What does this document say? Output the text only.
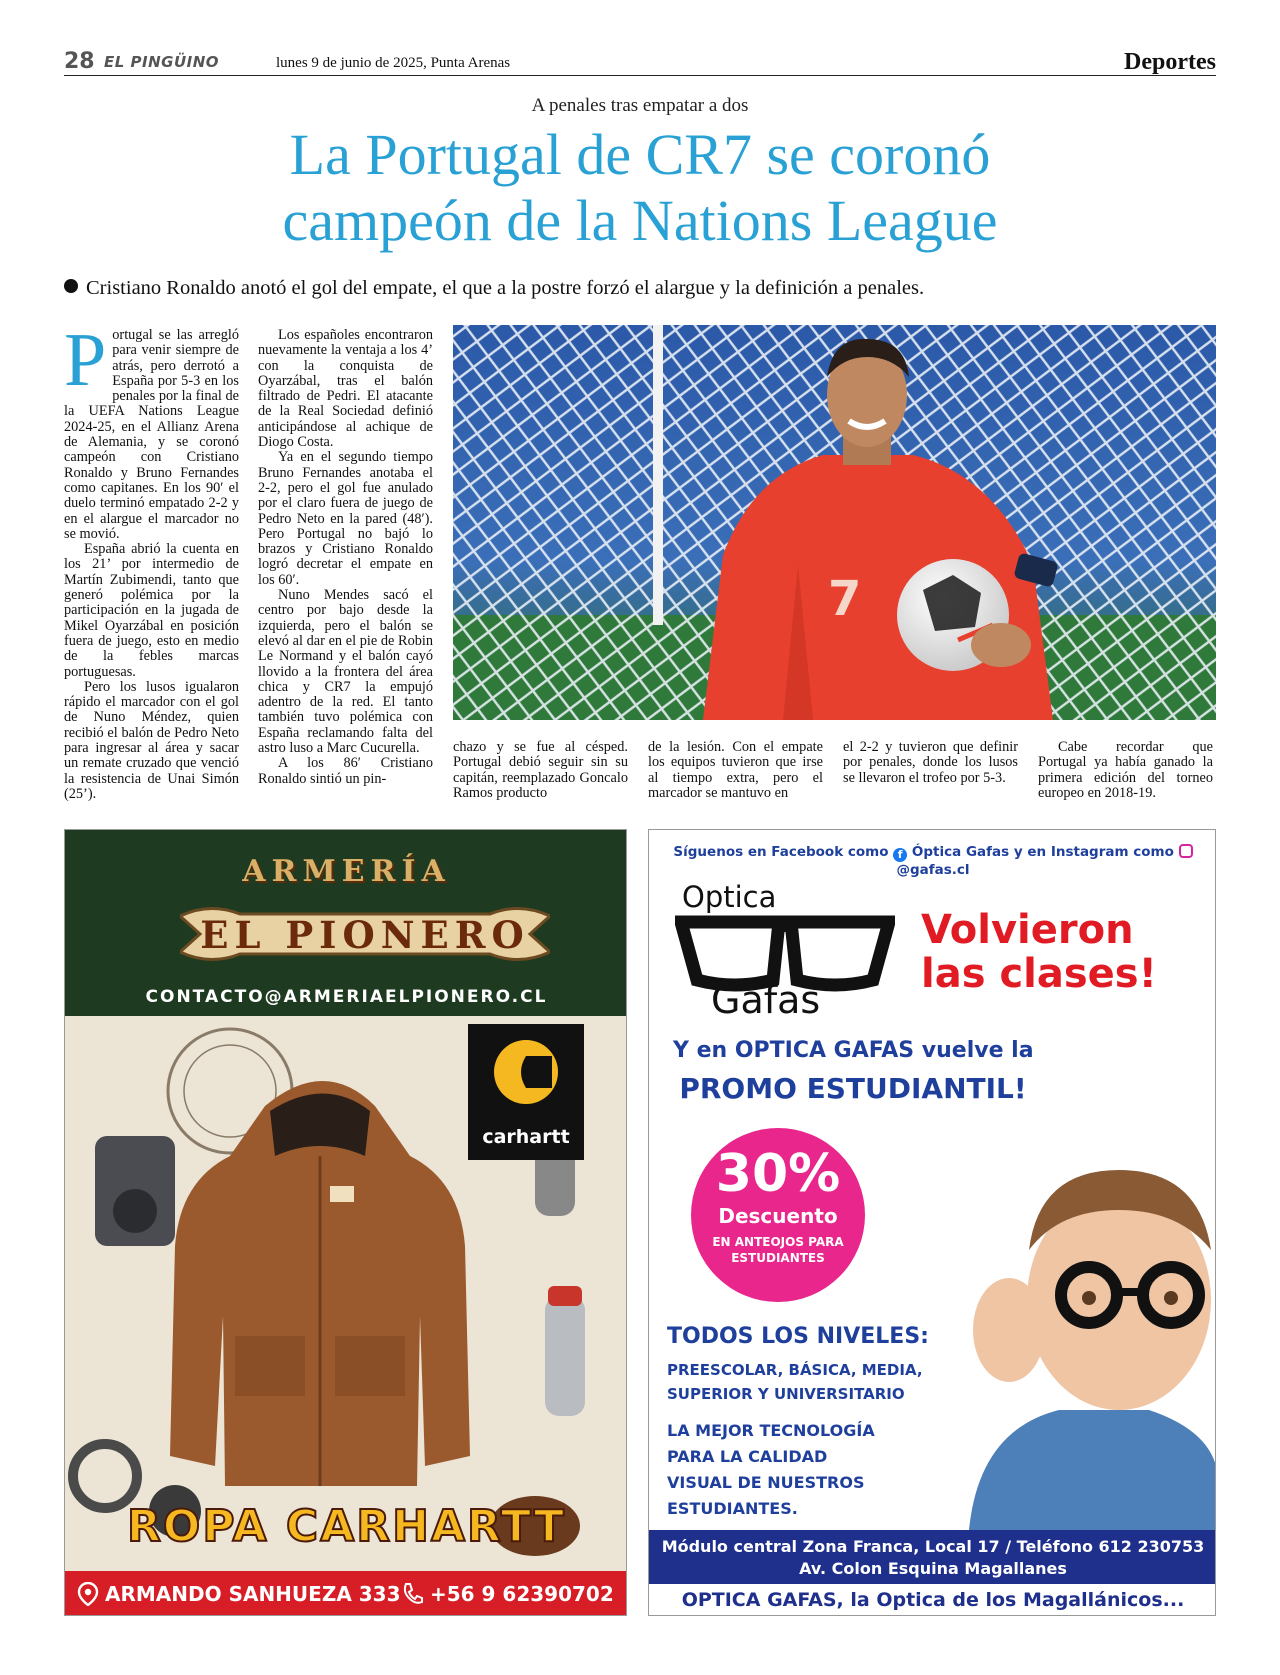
28 EL PINGÜINO	lunes 9 de junio de 2025, Punta Arenas	Deportes
A penales tras empatar a dos
La Portugal de CR7 se coronó
campeón de la Nations League
Cristiano Ronaldo anotó el gol del empate, el que a la postre forzó el alargue y la definición a penales.

Portugal se las arregló para venir siempre de atrás, pero derrotó a España por 5-3 en los penales por la final de la UEFA Nations League 2024-25, en el Allianz Arena de Alemania, y se coronó campeón con Cristiano Ronaldo y Bruno Fernandes como capitanes. En los 90′ el duelo terminó empatado 2-2 y en el alargue el marcador no se movió.

España abrió la cuenta en los 21’ por intermedio de Martín Zubimendi, tanto que generó polémica por la participación en la jugada de Mikel Oyarzábal en posición fuera de juego, esto en medio de la febles marcas portuguesas.

Pero los lusos igualaron rápido el marcador con el gol de Nuno Méndez, quien recibió el balón de Pedro Neto para ingresar al área y sacar un remate cruzado que venció la resistencia de Unai Simón (25’).

Los españoles encontraron nuevamente la ventaja a los 4’ con la conquista de Oyarzábal, tras el balón filtrado de Pedri. El atacante de la Real Sociedad definió anticipándose al achique de Diogo Costa.

Ya en el segundo tiempo Bruno Fernandes anotaba el 2-2, pero el gol fue anulado por el claro fuera de juego de Pedro Neto en la pared (48′). Pero Portugal no bajó lo brazos y Cristiano Ronaldo logró decretar el empate en los 60′.

Nuno Mendes sacó el centro por bajo desde la izquierda, pero el balón se elevó al dar en el pie de Robin Le Normand y el balón cayó llovido a la frontera del área chica y CR7 la empujó adentro de la red. El tanto también tuvo polémica con España reclamando falta del astro luso a Marc Cucurella.

A los 86′ Cristiano Ronaldo sintió un pin-

chazo y se fue al césped. Portugal debió seguir sin su capitán, reemplazado Goncalo Ramos producto

de la lesión. Con el empate los equipos tuvieron que irse al tiempo extra, pero el marcador se mantuvo en

el 2-2 y tuvieron que definir por penales, donde los lusos se llevaron el trofeo por 5-3.

Cabe recordar que Portugal ya había ganado la primera edición del torneo europeo en 2018-19.

7
ARMERÍA
EL PIONERO
CONTACTO@ARMERIAELPIONERO.CL
carhartt
ROPA CARHARTT
ARMANDO SANHUEZA 333 +56 9 62390702
Síguenos en Facebook como f Óptica Gafas y en Instagram como  @gafas.cl
Optica
Gafas
Volvieron
las clases!
Y en OPTICA GAFAS vuelve la
PROMO ESTUDIANTIL!
30%
Descuento
EN ANTEOJOS PARA ESTUDIANTES
TODOS LOS NIVELES:
PREESCOLAR, BÁSICA, MEDIA,
SUPERIOR Y UNIVERSITARIO
LA MEJOR TECNOLOGÍA PARA LA CALIDAD VISUAL DE NUESTROS ESTUDIANTES.
Módulo central Zona Franca, Local 17 / Teléfono 612 230753
Av. Colon Esquina Magallanes
OPTICA GAFAS, la Optica de los Magallánicos...
